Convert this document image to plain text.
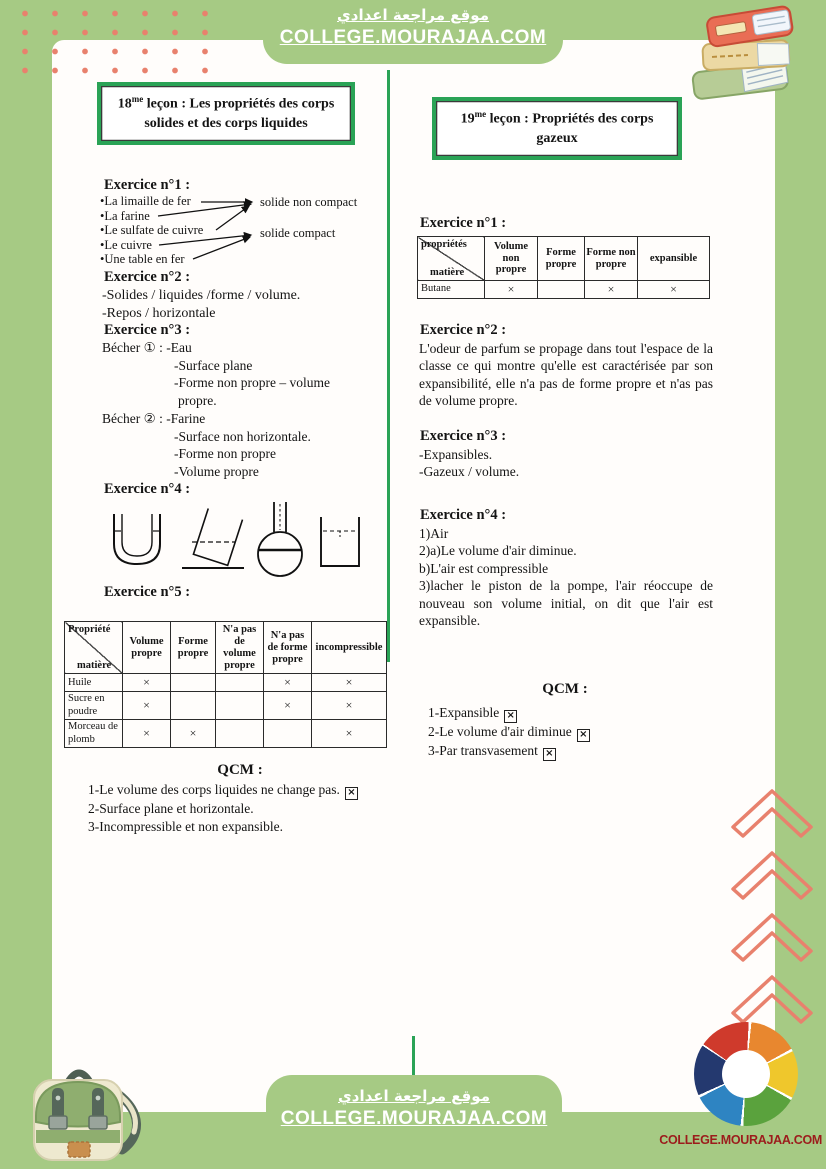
موقع مراجعة اعدادي
COLLEGE.MOURAJAA.COM
$18^{me}$ leçon : Les propriétés des corps solides et des corps liquides
Exercice n°1 :
•La limaille de fer
•La farine
•Le sulfate de cuivre
•Le cuivre
•Une table en fer
solide non compact
solide compact
Exercice n°2 :
-Solides / liquides /forme / volume.
-Repos / horizontale
Exercice n°3 :
Bécher ① : -Eau
-Surface plane
-Forme non propre – volume
propre.
Bécher ② : -Farine
-Surface non horizontale.
-Forme non propre
-Volume propre
Exercice n°4 :
Exercice n°5 :
Propriété
matière	Volume propre	Forme propre	N'a pas de volume propre	N'a pas de forme propre	incompressible
Huile	×			×	×
Sucre en poudre	×			×	×
Morceau de plomb	×	×			×
QCM :
1-Le volume des corps liquides ne change pas. ×
2-Surface plane et horizontale.
3-Incompressible et non expansible.
$19^{me}$ leçon : Propriétés des corps gazeux
Exercice n°1 :
propriétés
matière	Volume non propre	Forme propre	Forme non propre	expansible
Butane	×		×	×
Exercice n°2 :
L'odeur de parfum se propage dans tout l'espace de la classe ce qui montre qu'elle est caractérisée par son expansibilité, elle n'a pas de forme propre et n'as pas de volume propre.
Exercice n°3 :
-Expansibles.
-Gazeux / volume.
Exercice n°4 :
1)Air
2)a)Le volume d'air diminue.
b)L'air est compressible
3)lacher le piston de la pompe, l'air réoccupe de nouveau son volume initial, on dit que l'air est expansible.
QCM :
1-Expansible ×
2-Le volume d'air diminue ×
3-Par transvasement ×
موقع مراجعة اعدادي
COLLEGE.MOURAJAA.COM
COLLEGE.MOURAJAA.COM
